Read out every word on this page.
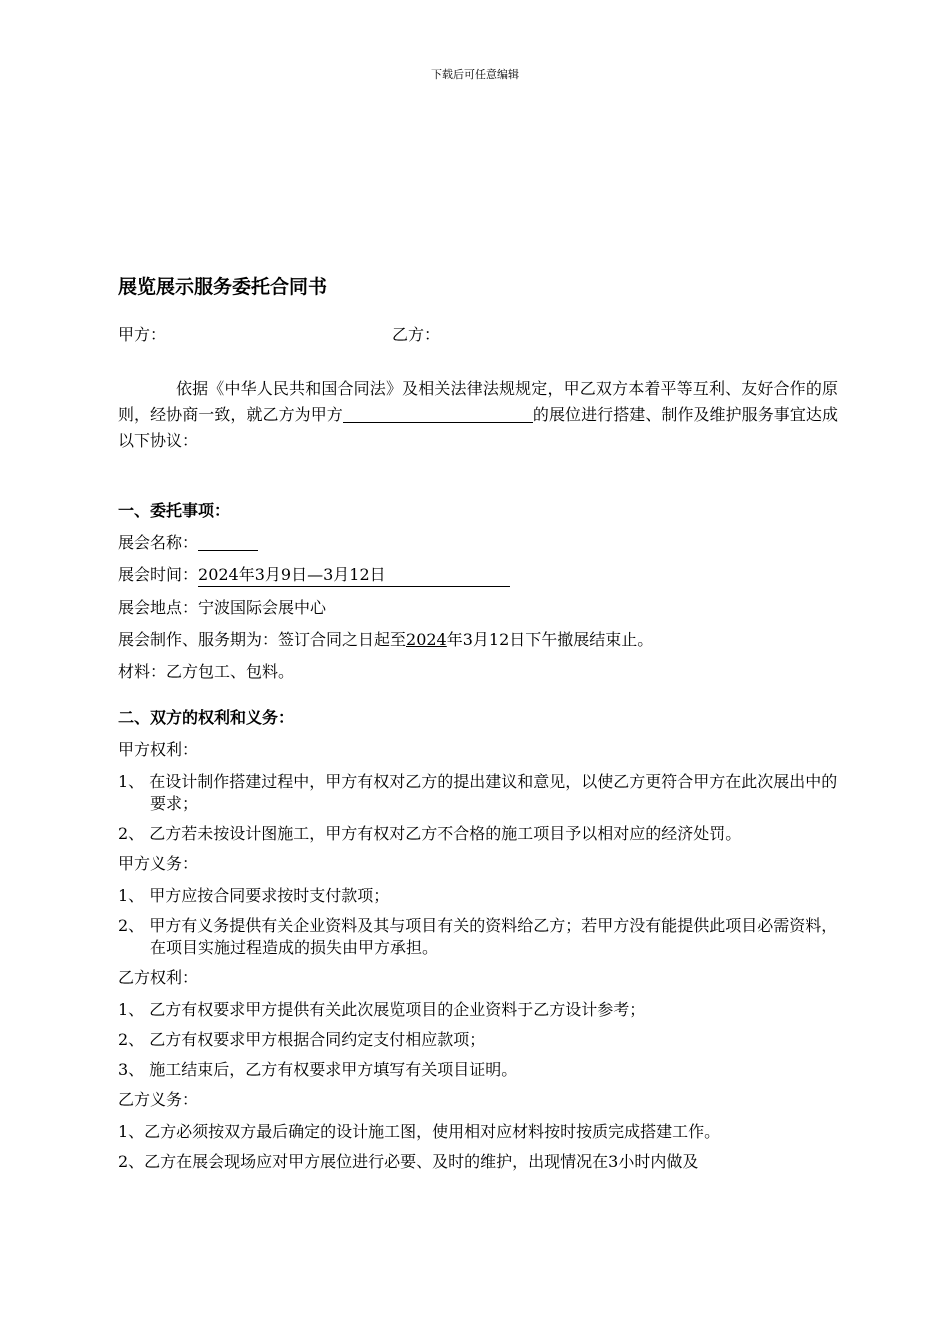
下载后可任意编辑
展览展示服务委托合同书
甲方：	乙方：

依据《中华人民共和国合同法》及相关法律法规规定，甲乙双方本着平等互利、友好合作的原则，经协商一致，就乙方为甲方	的展位进行搭建、制作及维护服务事宜达成以下协议：

一、委托事项：
展会名称：
展会时间：2024年3月9日—3月12日
展会地点：宁波国际会展中心
展会制作、服务期为：签订合同之日起至2024年3月12日下午撤展结束止。
材料：乙方包工、包料。
二、双方的权利和义务：
甲方权利：
1、 在设计制作搭建过程中，甲方有权对乙方的提出建议和意见，以使乙方更符合甲方在此次展出中的要求；
2、 乙方若未按设计图施工，甲方有权对乙方不合格的施工项目予以相对应的经济处罚。
甲方义务：
1、 甲方应按合同要求按时支付款项；
2、 甲方有义务提供有关企业资料及其与项目有关的资料给乙方；若甲方没有能提供此项目必需资料，在项目实施过程造成的损失由甲方承担。
乙方权利：
1、 乙方有权要求甲方提供有关此次展览项目的企业资料于乙方设计参考；
2、 乙方有权要求甲方根据合同约定支付相应款项；
3、 施工结束后，乙方有权要求甲方填写有关项目证明。
乙方义务：
1、乙方必须按双方最后确定的设计施工图，使用相对应材料按时按质完成搭建工作。
2、乙方在展会现场应对甲方展位进行必要、及时的维护，出现情况在3小时内做及
